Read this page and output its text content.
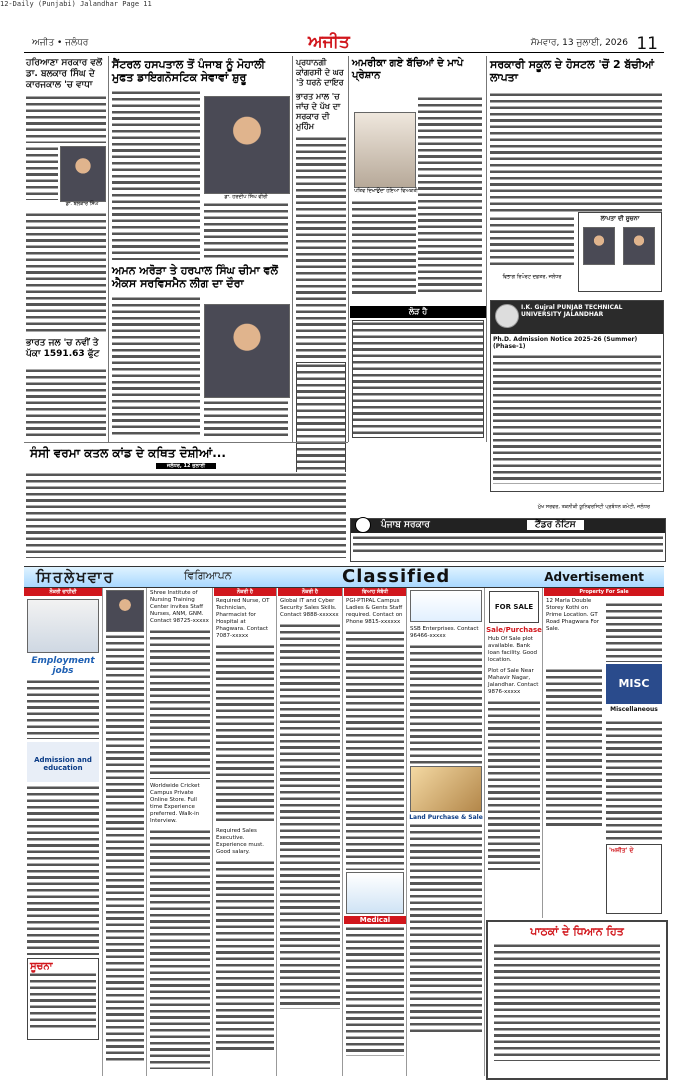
12-Daily (Punjabi) Jalandhar Page 11
ਅਜੀਤ • ਜਲੰਧਰ	ਅਜੀਤ	ਸੋਮਵਾਰ, 13 ਜੁਲਾਈ, 2026 11
ਹਰਿਆਣਾ ਸਰਕਾਰ ਵਲੋਂ ਡਾ. ਬਲਕਾਰ ਸਿੰਘ ਦੇ ਕਾਰਜਕਾਲ 'ਚ ਵਾਧਾ
ਡਾ. ਬਲਕਾਰ ਸਿੰਘ
ਭਾਰਤ ਜਲ 'ਚ ਨਵੀਂ ਤੇ ਪੱਕਾ 1591.63 ਫੁੱਟ
ਸੈਂਟਰਲ ਹਸਪਤਾਲ ਤੋਂ ਪੰਜਾਬ ਨੂੰ ਮੋਹਾਲੀ ਮੁਫਤ ਡਾਇਗਨੋਸਟਿਕ ਸੇਵਾਵਾਂ ਸ਼ੁਰੂ
ਡਾ. ਹਰਦੀਪ ਸਿੰਘ ਵੀਰੀ
ਅਮਨ ਅਰੋੜਾ ਤੇ ਹਰਪਾਲ ਸਿੰਘ ਚੀਮਾ ਵਲੋਂ ਐਕਸ ਸਰਵਿਸਮੈਨ ਲੀਗ ਦਾ ਦੌਰਾ
ਪ੍ਰਧਾਨਗੀ ਕਾਂਗਰਸੀ ਦੇ ਘਰ 'ਤੇ ਧਰਨੇ ਦਾਇਰ
ਭਾਰਤ ਮਾਲ 'ਚ ਜਾਂਚ ਦੇ ਪੱਖ ਦਾ ਸਰਕਾਰ ਦੀ ਮੁਹਿੰਮ
ਅਮਰੀਕਾ ਗਏ ਬੱਚਿਆਂ ਦੇ ਮਾਪੇ ਪ੍ਰੇਸ਼ਾਨ
ਪਤਿਵ ਦਿਖਾਉਂਦਾ ਹੋਇਆ ਵਿਅਕਤੀ
ਲੋੜ ਹੈ
ਸਰਕਾਰੀ ਸਕੂਲ ਦੇ ਹੋਸਟਲ 'ਚੋਂ 2 ਬੱਚੀਆਂ ਲਾਪਤਾ
ਲਾਪਤਾ ਦੀ ਸੂਚਨਾ
ਵਿਭਾਗ ਰਿਪੋਰਟ ਦਫ਼ਤਰ, ਜਲੰਧਰ
I.K. Gujral PUNJAB TECHNICAL UNIVERSITY JALANDHAR
Ph.D. Admission Notice 2025-26 (Summer) (Phase-1)
ਸੰਸੀ ਵਰਮਾ ਕਤਲ ਕਾਂਡ ਦੇ ਕਥਿਤ ਦੋਸ਼ੀਆਂ...
ਜਲੰਧਰ, 12 ਜੁਲਾਈ
ਪੰਜਾਬ ਸਰਕਾਰ	ਟੈਂਡਰ ਨੋਟਿਸ
ਮੁੱਖ ਸਰਵਰ, ਤਕਨੀਕੀ ਯੂਨਿਵਰਸਿਟੀ ਪ੍ਰਬੰਧਨ ਕਮੇਟੀ, ਜਲੰਧਰ
ਸਿਰਲੇਖਵਾਰ	ਵਿਗਿਆਪਨ	Classified	Advertisement
ਨੌਕਰੀ ਚਾਹੀਦੀ
Employment jobs
Admission and education
ਸੂਚਨਾ
Shree Institute of Nursing Training Center invites Staff Nurses, ANM, GNM. Contact 98725-xxxxx
Worldwide Cricket Campus Private Online Store. Full time Experience preferred. Walk-in Interview.
ਨੌਕਰੀ ਹੈ
Required Nurse, OT Technician, Pharmacist for Hospital at Phagwara. Contact 7087-xxxxx
Required Sales Executive. Experience must. Good salary.
ਨੌਕਰੀ ਹੈ
Global IT and Cyber Security Sales Skills. Contact 9888-xxxxxx
ਵਿਆਹ ਸੰਬੰਧੀ
PGI-PTIPAL Campus Ladies & Gents Staff required. Contact on Phone 9815-xxxxxx
Medical
SSB Enterprises. Contact 96466-xxxxx
Land Purchase & Sale
FOR SALE
Sale/Purchase
Hub Of Sale plot available. Bank loan facility. Good location.
Plot of Sale Near Mahavir Nagar, Jalandhar. Contact 9876-xxxxx
Property For Sale
12 Marla Double Storey Kothi on Prime Location. GT Road Phagwara For Sale.
MISC
Miscellaneous
'ਅਜੀਤ' ਦੇ
ਪਾਠਕਾਂ ਦੇ ਧਿਆਨ ਹਿਤ
